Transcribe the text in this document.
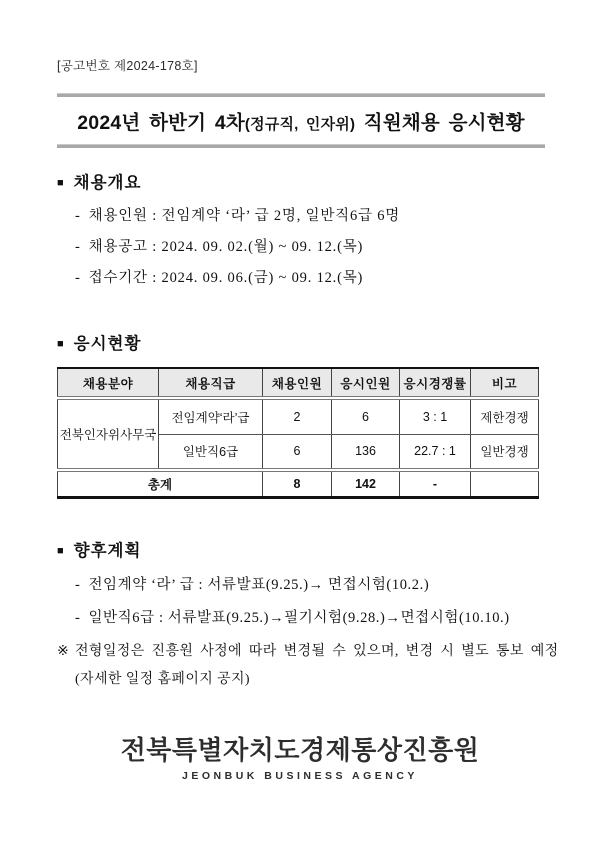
[공고번호 제2024-178호]
2024년 하반기 4차(정규직, 인자위) 직원채용 응시현황
■ 채용개요
- 채용인원 : 전임계약 ‘라’ 급 2명, 일반직6급 6명
- 채용공고 : 2024. 09. 02.(월) ~ 09. 12.(목)
- 접수기간 : 2024. 09. 06.(금) ~ 09. 12.(목)
■ 응시현황
채용분야	채용직급	채용인원	응시인원	응시경쟁률	비고
전북인자위사무국	전임계약‘라’급	2	6	3 : 1	제한경쟁
	일반직6급	6	136	22.7 : 1	일반경쟁
총계		8	142	-	
■ 향후계획
- 전임계약 ‘라’ 급 : 서류발표(9.25.)→ 면접시험(10.2.)
- 일반직6급 : 서류발표(9.25.)→필기시험(9.28.)→면접시험(10.10.)
※ 전형일정은 진흥원 사정에 따라 변경될 수 있으며, 변경 시 별도 통보 예정
(자세한 일정 홈페이지 공지)
전북특별자치도경제통상진흥원
JEONBUK BUSINESS AGENCY
